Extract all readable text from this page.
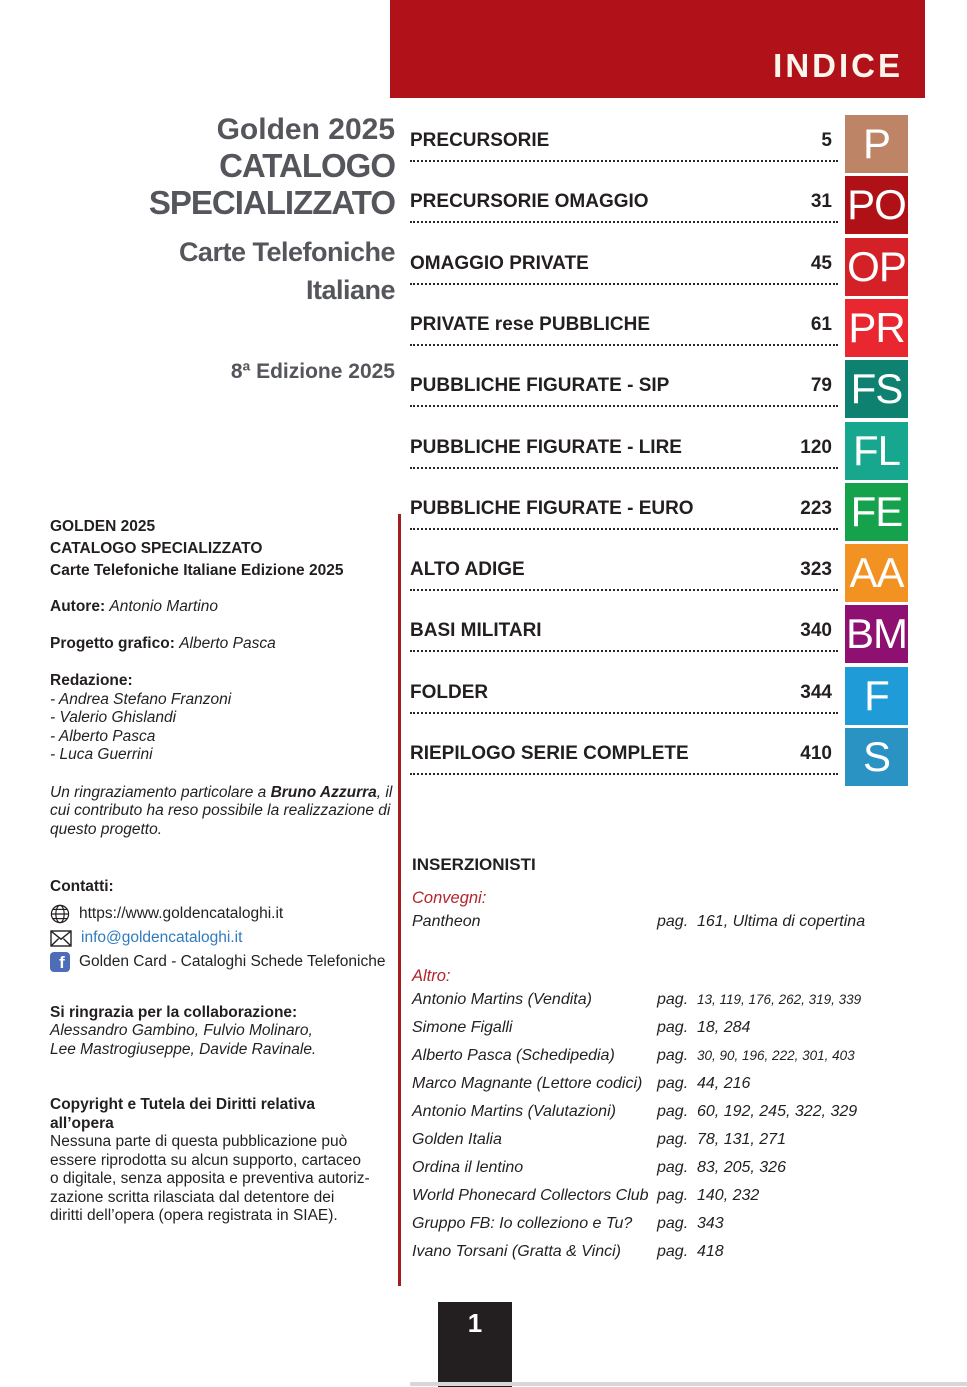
INDICE
Golden 2025
CATALOGO
SPECIALIZZATO
Carte Telefoniche
Italiane
8ª Edizione 2025
GOLDEN 2025
CATALOGO SPECIALIZZATO
Carte Telefoniche Italiane Edizione 2025
Autore: Antonio Martino
Progetto grafico: Alberto Pasca
Redazione:
- Andrea Stefano Franzoni
- Valerio Ghislandi
- Alberto Pasca
- Luca Guerrini
Un ringraziamento particolare a Bruno Azzurra, il cui contributo ha reso possibile la realizzazione di questo progetto.
Contatti:
https://www.goldencataloghi.it
info@goldencataloghi.it
f Golden Card - Cataloghi Schede Telefoniche
Si ringrazia per la collaborazione:
Alessandro Gambino, Fulvio Molinaro,
Lee Mastrogiuseppe, Davide Ravinale.
Copyright e Tutela dei Diritti relativa
all’opera
Nessuna parte di questa pubblicazione può
essere riprodotta su alcun supporto, cartaceo
o digitale, senza apposita e preventiva autoriz-
zazione scritta rilasciata dal detentore dei
diritti dell’opera (opera registrata in SIAE).
PRECURSORIE	5 P
PRECURSORIE OMAGGIO	31 PO
OMAGGIO PRIVATE	45 OP
PRIVATE rese PUBBLICHE	61 PR
PUBBLICHE FIGURATE - SIP	79 FS
PUBBLICHE FIGURATE - LIRE	120 FL
PUBBLICHE FIGURATE - EURO	223 FE
ALTO ADIGE	323 AA
BASI MILITARI	340 BM
FOLDER	344 F
RIEPILOGO SERIE COMPLETE	410 S
INSERZIONISTI
Convegni:
Pantheon	pag. 161, Ultima di copertina
Altro:
Antonio Martins (Vendita)	pag. 13, 119, 176, 262, 319, 339
Simone Figalli	pag. 18, 284
Alberto Pasca (Schedipedia)	pag. 30, 90, 196, 222, 301, 403
Marco Magnante (Lettore codici) pag. 44, 216
Antonio Martins (Valutazioni)	pag. 60, 192, 245, 322, 329
Golden Italia	pag. 78, 131, 271
Ordina il lentino	pag. 83, 205, 326
World Phonecard Collectors Club pag. 140, 232
Gruppo FB: Io colleziono e Tu?	pag. 343
Ivano Torsani (Gratta & Vinci)	pag. 418
1
